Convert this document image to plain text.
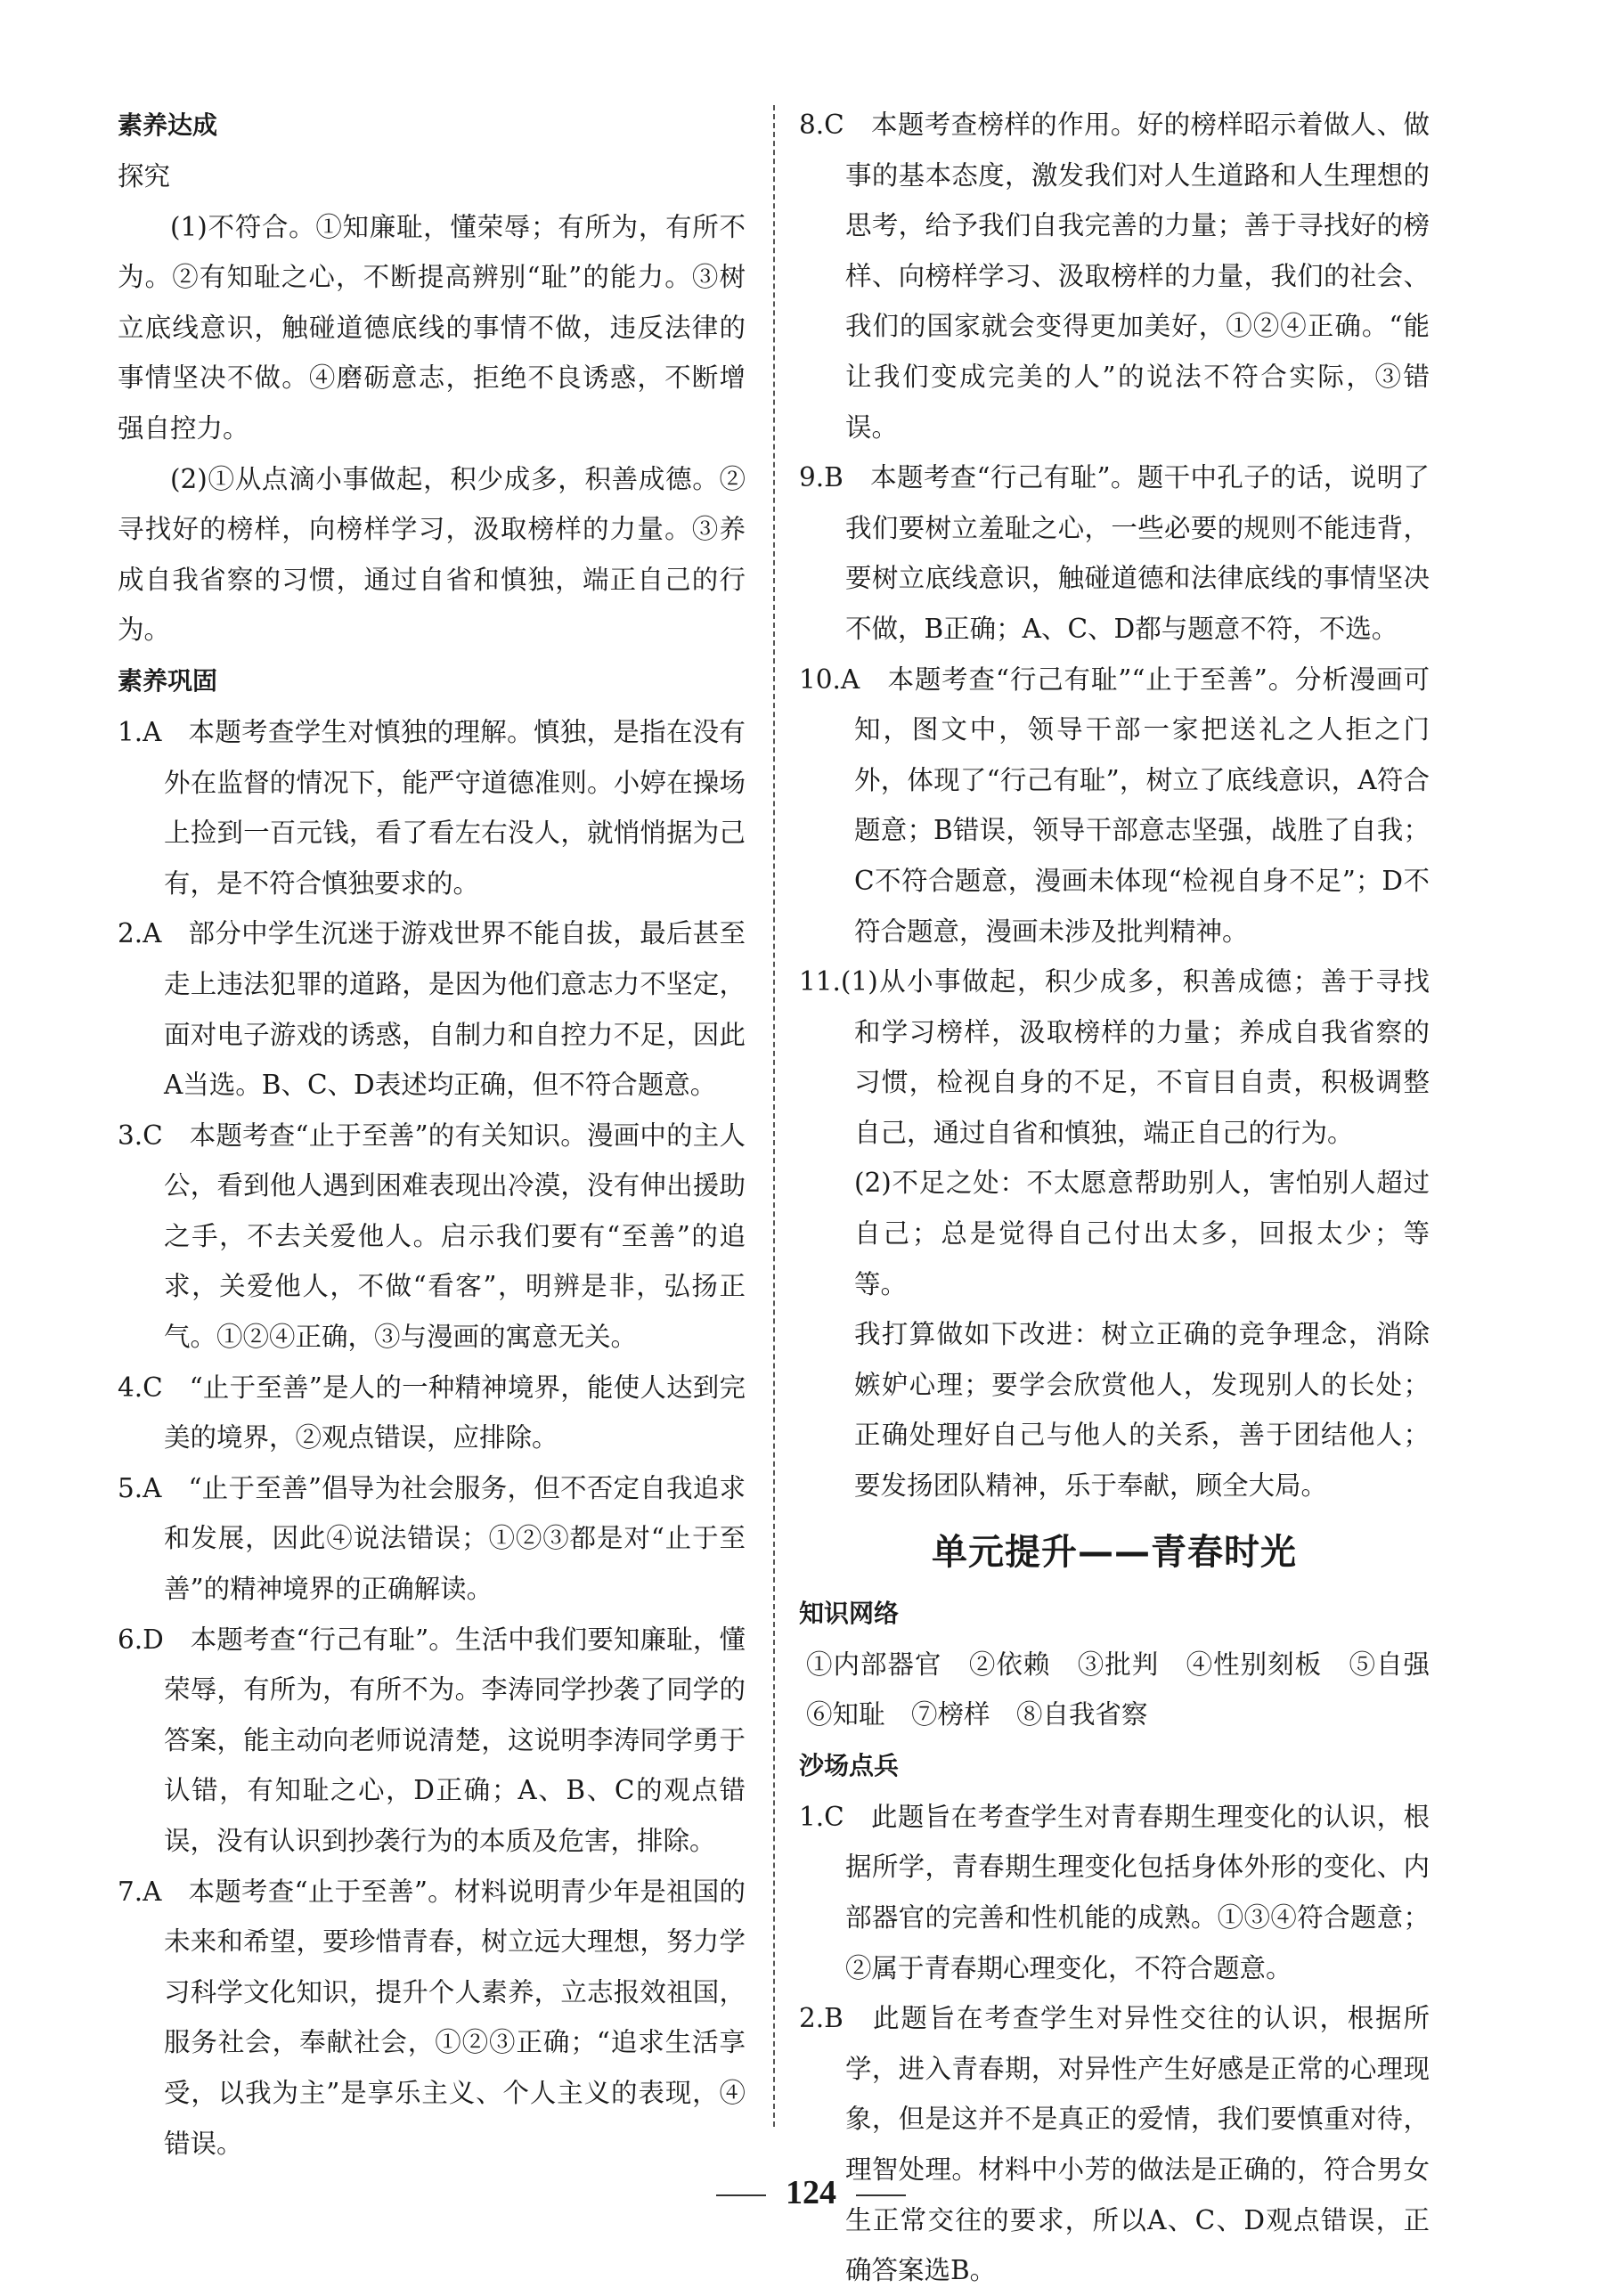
素养达成

探究

(1)不符合。①知廉耻，懂荣辱；有所为，有所不为。②有知耻之心，不断提高辨别“耻”的能力。③树立底线意识，触碰道德底线的事情不做，违反法律的事情坚决不做。④磨砺意志，拒绝不良诱惑，不断增强自控力。

(2)①从点滴小事做起，积少成多，积善成德。②寻找好的榜样，向榜样学习，汲取榜样的力量。③养成自我省察的习惯，通过自省和慎独，端正自己的行为。

素养巩固

1.A　 本题考查学生对慎独的理解。慎独，是指在没有外在监督的情况下，能严守道德准则。小婷在操场上捡到一百元钱，看了看左右没人，就悄悄据为己有，是不符合慎独要求的。

2.A　 部分中学生沉迷于游戏世界不能自拔，最后甚至走上违法犯罪的道路，是因为他们意志力不坚定，面对电子游戏的诱惑，自制力和自控力不足，因此A当选。B、C、D表述均正确，但不符合题意。

3.C　 本题考查“止于至善”的有关知识。漫画中的主人公，看到他人遇到困难表现出冷漠，没有伸出援助之手，不去关爱他人。启示我们要有“至善”的追求，关爱他人，不做“看客”，明辨是非，弘扬正气。①②④正确，③与漫画的寓意无关。

4.C　 “止于至善”是人的一种精神境界，能使人达到完美的境界，②观点错误，应排除。

5.A　 “止于至善”倡导为社会服务，但不否定自我追求和发展，因此④说法错误；①②③都是对“止于至善”的精神境界的正确解读。

6.D　 本题考查“行己有耻”。生活中我们要知廉耻，懂荣辱，有所为，有所不为。李涛同学抄袭了同学的答案，能主动向老师说清楚，这说明李涛同学勇于认错，有知耻之心，D正确；A、B、C的观点错误，没有认识到抄袭行为的本质及危害，排除。

7.A　 本题考查“止于至善”。材料说明青少年是祖国的未来和希望，要珍惜青春，树立远大理想，努力学习科学文化知识，提升个人素养，立志报效祖国，服务社会，奉献社会，①②③正确；“追求生活享受，以我为主”是享乐主义、个人主义的表现，④错误。

8.C　 本题考查榜样的作用。好的榜样昭示着做人、做事的基本态度，激发我们对人生道路和人生理想的思考，给予我们自我完善的力量；善于寻找好的榜样、向榜样学习、汲取榜样的力量，我们的社会、我们的国家就会变得更加美好，①②④正确。“能让我们变成完美的人”的说法不符合实际，③错误。

9.B　 本题考查“行己有耻”。题干中孔子的话，说明了我们要树立羞耻之心，一些必要的规则不能违背，要树立底线意识，触碰道德和法律底线的事情坚决不做，B正确；A、C、D都与题意不符，不选。

10.A　 本题考查“行己有耻”“止于至善”。分析漫画可知，图文中，领导干部一家把送礼之人拒之门外，体现了“行己有耻”，树立了底线意识，A符合题意；B错误，领导干部意志坚强，战胜了自我；C不符合题意，漫画未体现“检视自身不足”；D不符合题意，漫画未涉及批判精神。

11.(1)从小事做起，积少成多，积善成德；善于寻找和学习榜样，汲取榜样的力量；养成自我省察的习惯，检视自身的不足，不盲目自责，积极调整自己，通过自省和慎独，端正自己的行为。

(2)不足之处：不太愿意帮助别人，害怕别人超过自己；总是觉得自己付出太多，回报太少；等等。

我打算做如下改进：树立正确的竞争理念，消除嫉妒心理；要学会欣赏他人，发现别人的长处；正确处理好自己与他人的关系，善于团结他人；要发扬团队精神，乐于奉献，顾全大局。

单元提升——青春时光
知识网络

①内部器官　②依赖　③批判　④性别刻板　⑤自强　⑥知耻　⑦榜样　⑧自我省察

沙场点兵

1.C　 此题旨在考查学生对青春期生理变化的认识，根据所学，青春期生理变化包括身体外形的变化、内部器官的完善和性机能的成熟。①③④符合题意；②属于青春期心理变化，不符合题意。

2.B　 此题旨在考查学生对异性交往的认识，根据所学，进入青春期，对异性产生好感是正常的心理现象，但是这并不是真正的爱情，我们要慎重对待，理智处理。材料中小芳的做法是正确的，符合男女生正常交往的要求，所以A、C、D观点错误，正确答案选B。

124
